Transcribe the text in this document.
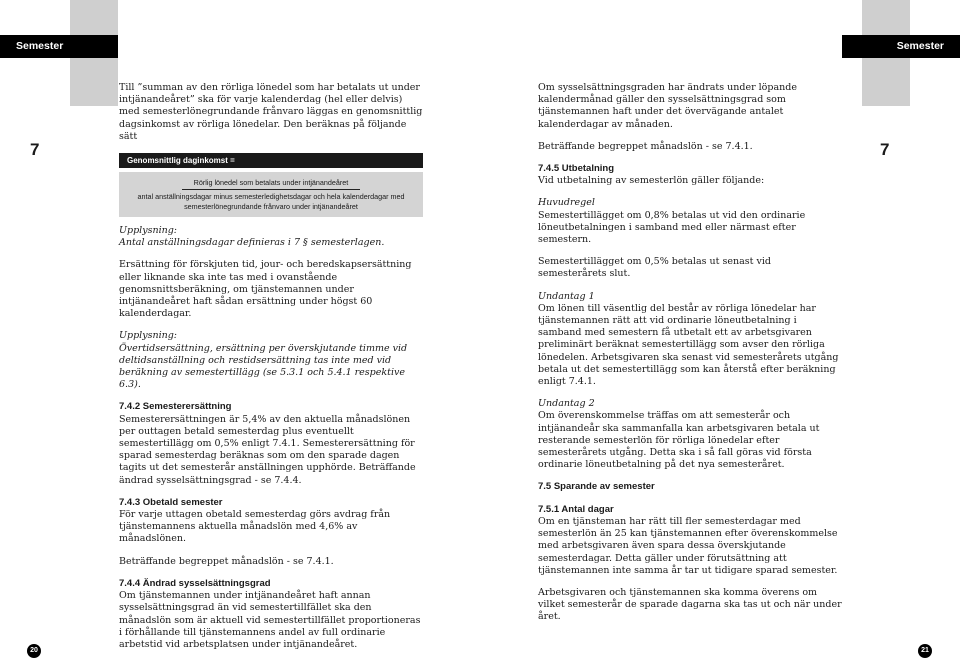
Semester	Semester
7	7

Till ”summan av den rörliga lönedel som har betalats ut under intjänandeåret” ska för varje kalenderdag (hel eller delvis) med semesterlönegrundande frånvaro läggas en genomsnittlig dagsinkomst av rörliga lönedelar. Den beräknas på följande sätt

Genomsnittlig daginkomst =
Rörlig lönedel som betalats under intjänandeåret
antal anställningsdagar minus semesterledighetsdagar och hela kalenderdagar med semesterlönegrundande frånvaro under intjänandeåret

Upplysning:
Antal anställningsdagar definieras i 7 § semesterlagen.

Ersättning för förskjuten tid, jour- och beredskapsersättning eller liknande ska inte tas med i ovanstående genomsnittsberäkning, om tjänstemannen under intjänandeåret haft sådan ersättning under högst 60 kalenderdagar.

Upplysning:
Övertidsersättning, ersättning per överskjutande timme vid deltidsanställning och restidsersättning tas inte med vid beräkning av semestertillägg (se 5.3.1 och 5.4.1 respektive 6.3).

7.4.2 Semesterersättning

Semesterersättningen är 5,4% av den aktuella månadslönen per outtagen betald semesterdag plus eventuellt semestertillägg om 0,5% enligt 7.4.1. Semesterersättning för sparad semesterdag beräknas som om den sparade dagen tagits ut det semesterår anställningen upphörde. Beträffande ändrad sysselsättningsgrad - se 7.4.4.

7.4.3 Obetald semester

För varje uttagen obetald semesterdag görs avdrag från tjänstemannens aktuella månadslön med 4,6% av månadslönen.

Beträffande begreppet månadslön - se 7.4.1.

7.4.4 Ändrad sysselsättningsgrad

Om tjänstemannen under intjänandeåret haft annan sysselsättningsgrad än vid semestertillfället ska den månadslön som är aktuell vid semestertillfället proportioneras i förhållande till tjänstemannens andel av full ordinarie arbetstid vid arbetsplatsen under intjänandeåret.

Om sysselsättningsgraden har ändrats under löpande kalendermånad gäller den sysselsättningsgrad som tjänstemannen haft under det övervägande antalet kalenderdagar av månaden.

Beträffande begreppet månadslön - se 7.4.1.

7.4.5 Utbetalning

Vid utbetalning av semesterlön gäller följande:

Huvudregel

Semestertillägget om 0,8% betalas ut vid den ordinarie löneutbetalningen i samband med eller närmast efter semestern.

Semestertillägget om 0,5% betalas ut senast vid semesterårets slut.

Undantag 1

Om lönen till väsentlig del består av rörliga lönedelar har tjänstemannen rätt att vid ordinarie löneutbetalning i samband med semestern få utbetalt ett av arbetsgivaren preliminärt beräknat semestertillägg som avser den rörliga lönedelen. Arbetsgivaren ska senast vid semesterårets utgång betala ut det semestertillägg som kan återstå efter beräkning enligt 7.4.1.

Undantag 2

Om överenskommelse träffas om att semesterår och intjänandeår ska sammanfalla kan arbetsgivaren betala ut resterande semesterlön för rörliga lönedelar efter semesterårets utgång. Detta ska i så fall göras vid första ordinarie löneutbetalning på det nya semesteråret.

7.5 Sparande av semester
7.5.1 Antal dagar

Om en tjänsteman har rätt till fler semesterdagar med semesterlön än 25 kan tjänstemannen efter överenskommelse med arbetsgivaren även spara dessa överskjutande semesterdagar. Detta gäller under förutsättning att tjänstemannen inte samma år tar ut tidigare sparad semester.

Arbetsgivaren och tjänstemannen ska komma överens om vilket semesterår de sparade dagarna ska tas ut och när under året.

20	21
